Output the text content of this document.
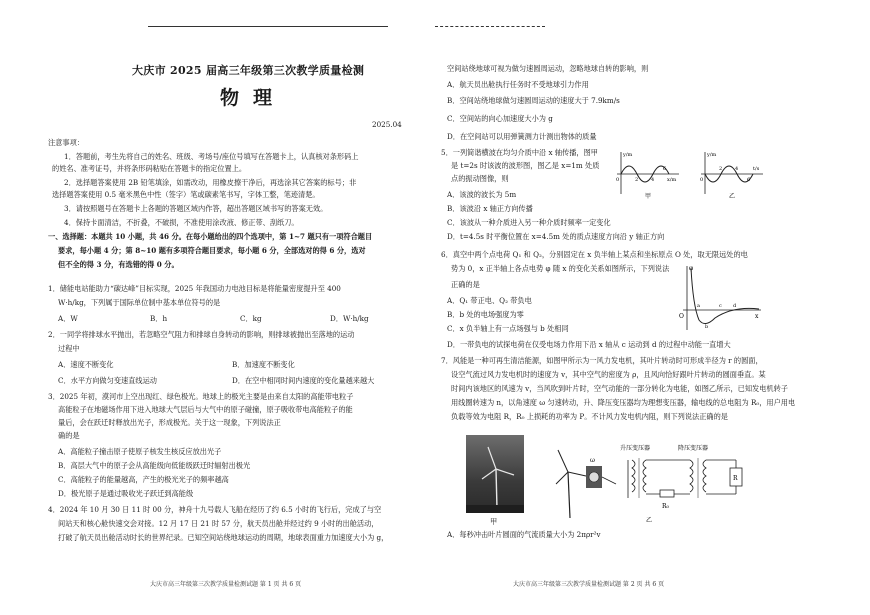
大庆市 2025 届高三年级第三次教学质量检测
物理
2025.04
注意事项：
1．答题前，考生先将自己的姓名、班级、考场号/座位号填写在答题卡上，认真核对条形码上
的姓名、准考证号，并将条形码粘贴在答题卡的指定位置上。
2．选择题答案使用 2B 铅笔填涂，如需改动，用橡皮擦干净后，再选涂其它答案的标号；非
选择题答案使用 0.5 毫米黑色中性（签字）笔或碳素笔书写，字体工整，笔迹清楚。
3．请按照题号在答题卡上各题的答题区域内作答，超出答题区域书写的答案无效。
4．保持卡面清洁，不折叠，不破损，不准使用涂改液、修正带、刮纸刀。
一、选择题：本题共 10 小题，共 46 分。在每小题给出的四个选项中，第 1~7 题只有一项符合题目
要求，每小题 4 分；第 8~10 题有多项符合题目要求，每小题 6 分，全部选对的得 6 分，选对
但不全的得 3 分，有选错的得 0 分。
1．储能电站能助力“碳达峰”目标实现，2025 年我国动力电池目标是将能量密度提升至 400
W·h/kg，下列属于国际单位制中基本单位符号的是
A．W	B．h	C．kg	D．W·h/kg
2．一同学将排球水平抛出，若忽略空气阻力和排球自身转动的影响，则排球被抛出至落地的运动
过程中
A．速度不断变化	B．加速度不断变化
C．水平方向做匀变速直线运动	D．在空中相同时间内速度的变化量越来越大
3．2025 年初，漠河市上空出现红、绿色极光。地球上的极光主要是由来自太阳的高能带电粒子
高能粒子在地磁场作用下进入地球大气层后与大气中的原子碰撞，原子吸收带电高能粒子的能
量后，会在跃迁时释放出光子，形成极光。关于这一现象，下列说法正
确的是
A．高能粒子撞击原子使原子核发生核反应放出光子
B．高层大气中的原子会从高能级向低能级跃迁时辐射出极光
C．高能粒子的能量越高，产生的极光光子的频率越高
D．极光原子是通过吸收光子跃迁到高能级
4．2024 年 10 月 30 日 11 时 00 分，神舟十九号载人飞船在经历了约 6.5 小时的飞行后，完成了与空
间站天和核心舱快速交会对接。12 月 17 日 21 时 57 分，航天员出舱并经过约 9 小时的出舱活动，
打破了航天员出舱活动时长的世界纪录。已知空间站绕地球运动的周期，地球表面重力加速度大小为 g，
大庆市高三年级第三次教学质量检测试题 第 1 页 共 6 页
空间站绕地球可视为做匀速圆周运动，忽略地球自转的影响，则
A．航天员出舱执行任务时不受地球引力作用
B．空间站绕地球做匀速圆周运动的速度大于 7.9km/s
C．空间站的向心加速度大小为 g
D．在空间站可以用弹簧测力计测出物体的质量
5．一列简谐横波在均匀介质中沿 x 轴传播，图甲
是 t=2s 时该波的波形图，图乙是 x=1m 处质
点的振动图像，则
A．该波的波长为 5m
B．该波沿 x 轴正方向传播
C．该波从一种介质进入另一种介质时频率一定变化
D．t=4.5s 时平衡位置在 x=4.5m 处的质点速度方向沿 y 轴正方向
y/m
x/m
0	2	4
6
甲
y/m
t/s
0
2	4
6
乙
6．真空中两个点电荷 Q₁ 和 Q₂，分别固定在 x 负半轴上某点和坐标原点 O 处，取无限远处的电
势为 0，x 正半轴上各点电势 φ 随 x 的变化关系如图所示，下列说法
正确的是
A．Q₁ 带正电、Q₂ 带负电
B．b 处的电场强度为零
C．x 负半轴上有一点场强与 b 处相同
D．一带负电的试探电荷在仅受电场力作用下沿 x 轴从 c 运动到 d 的过程中动能一直增大
φ
x
O
a
b
c d
7．风能是一种可再生清洁能源，如图甲所示为一风力发电机，其叶片转动时可形成半径为 r 的圆面，
设空气流过风力发电机时的速度为 v，其中空气的密度为 ρ，且风向恰好跟叶片转动的圆面垂直。某
时间内该地区的风速为 v，当风吹到叶片时，空气动能的一部分转化为电能，如图乙所示，已知发电机转子
用线圈转速为 n，以角速度 ω 匀速转动，升、降压变压器均为理想变压器，输电线的总电阻为 R₀，用户用电
负载等效为电阻 R，R₀ 上损耗的功率为 P。不计风力发电机内阻，则下列说法正确的是
A．每秒冲击叶片圆面的气流质量大小为 2πρr²v
大庆市高三年级第三次教学质量检测试题 第 2 页 共 6 页
甲
ω
升压变压器
R₀
降压变压器
R
乙
